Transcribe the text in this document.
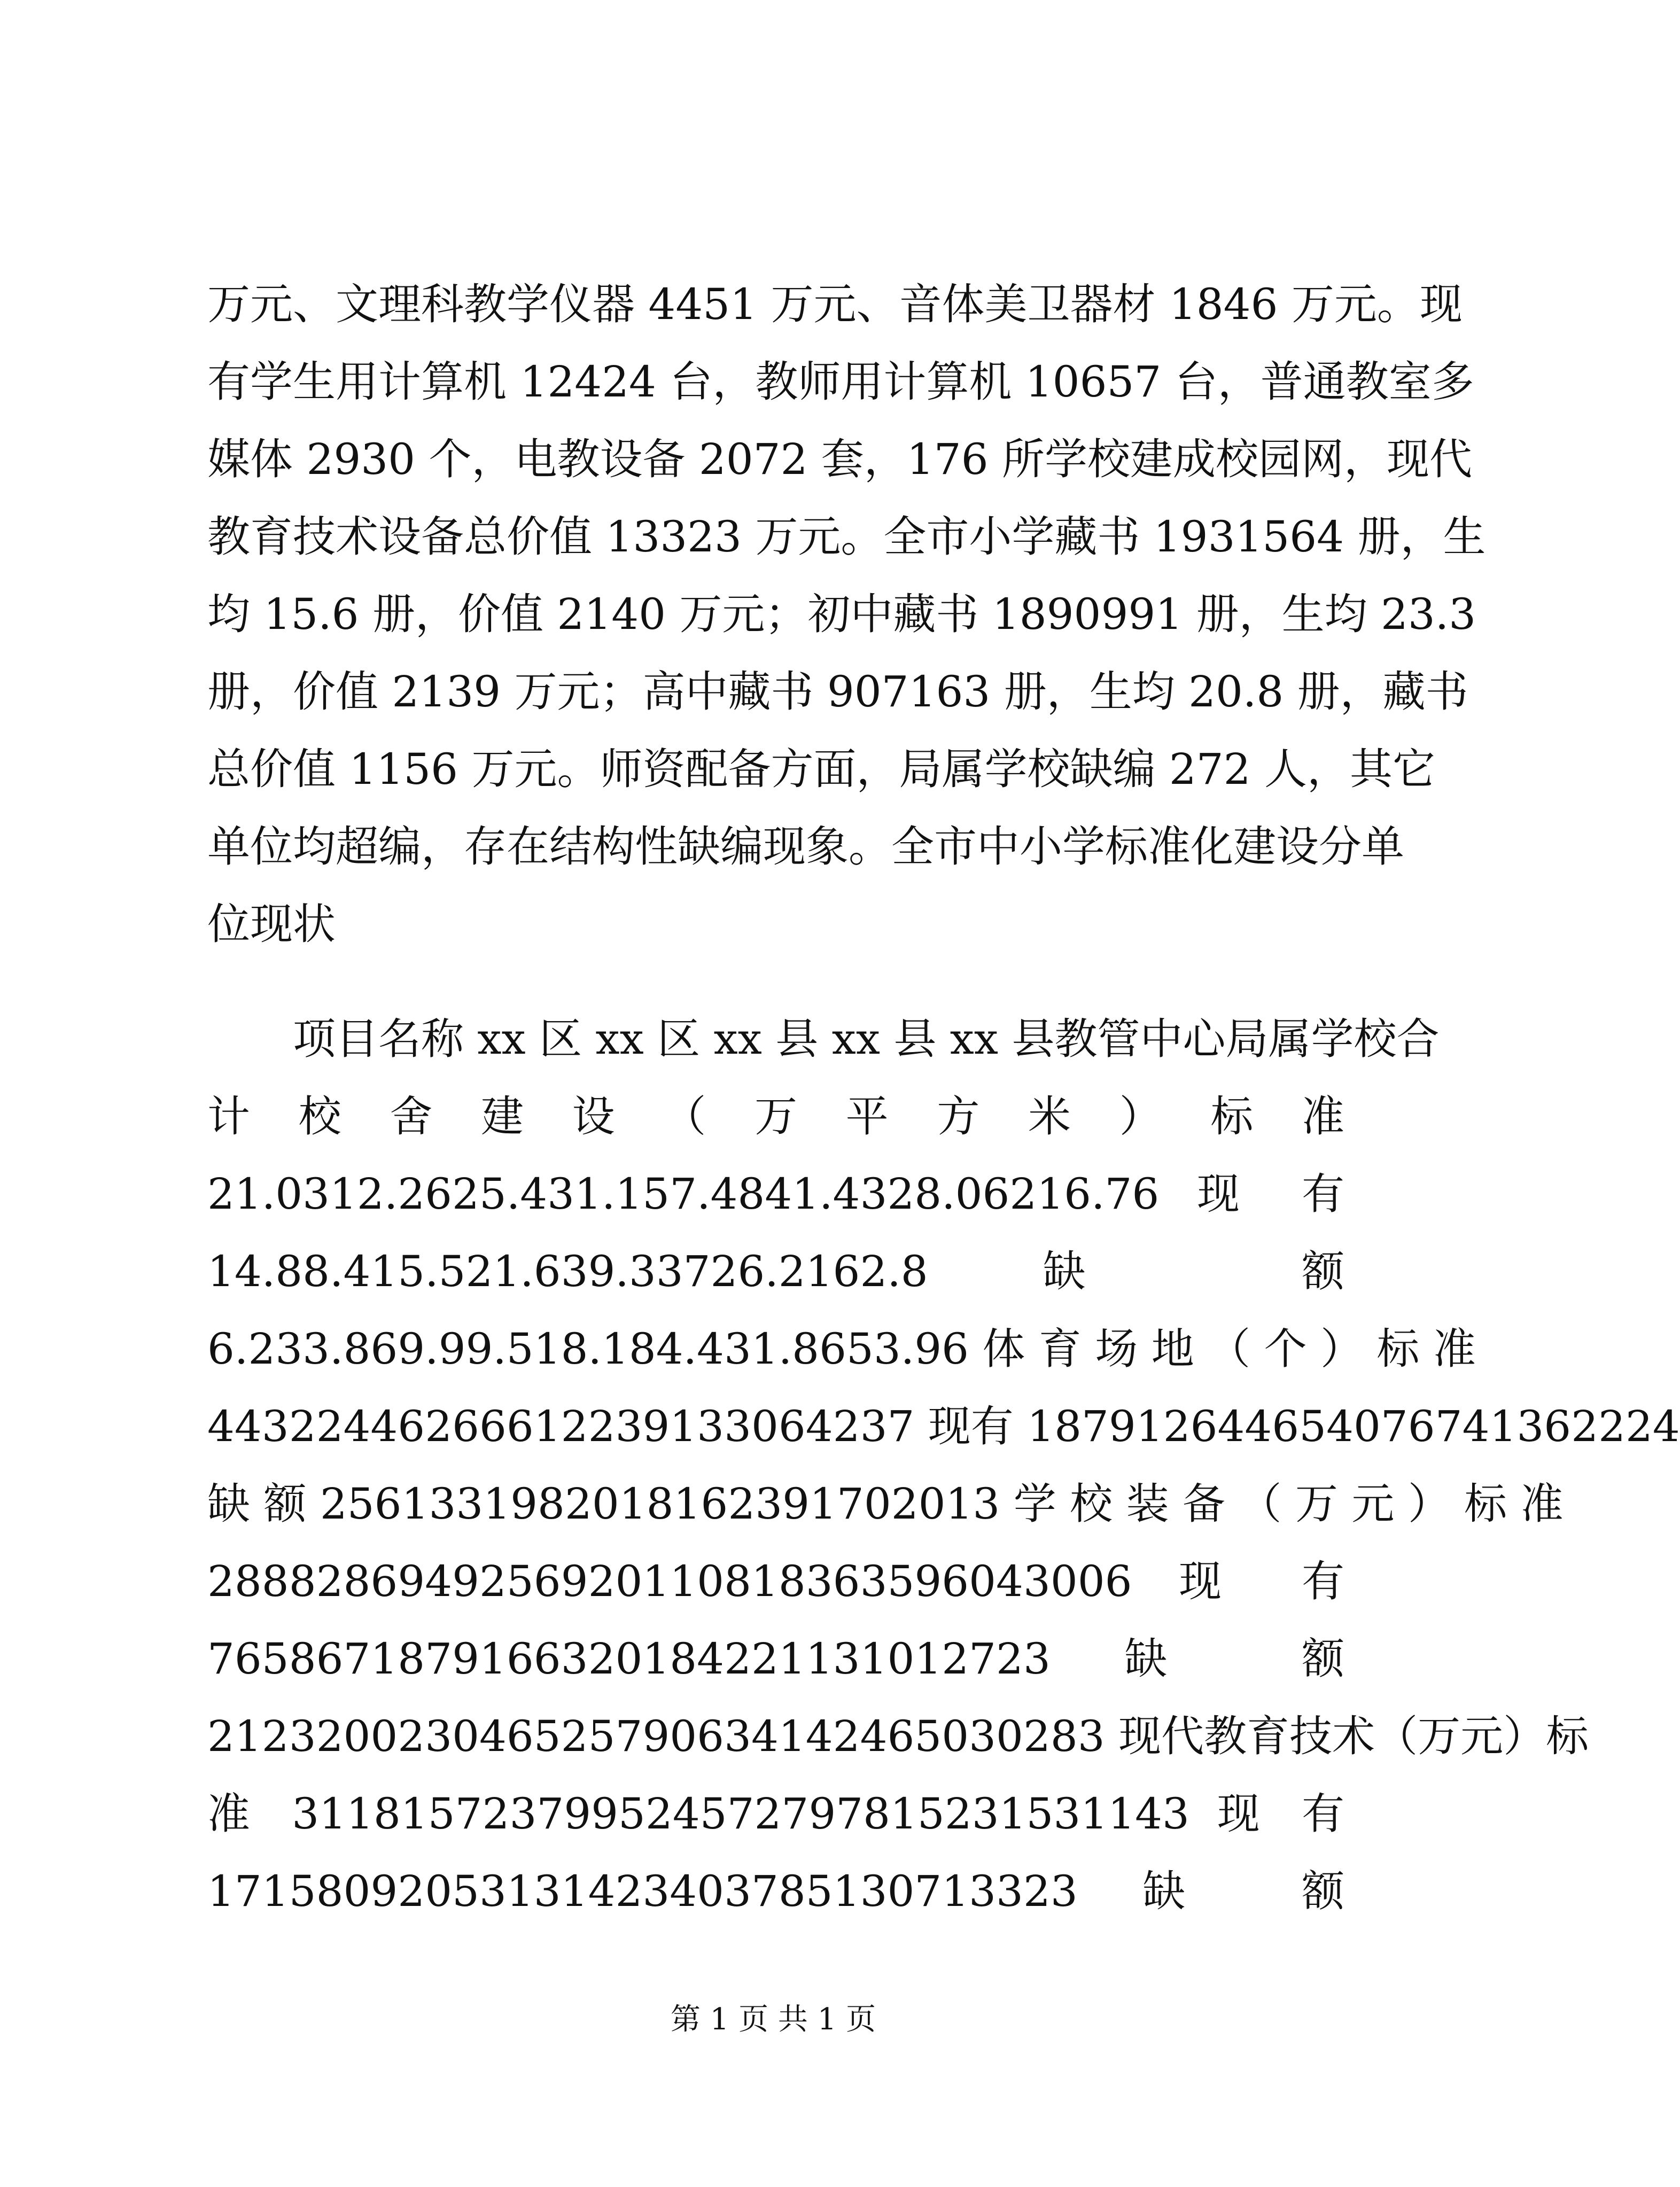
万元、文理科教学仪器 4451 万元、音体美卫器材 1846 万元。现
有学生用计算机 12424 台，教师用计算机 10657 台，普通教室多
媒体 2930 个，电教设备 2072 套，176 所学校建成校园网，现代
教育技术设备总价值 13323 万元。全市小学藏书 1931564 册，生
均 15.6 册，价值 2140 万元；初中藏书 1890991 册，生均 23.3
册，价值 2139 万元；高中藏书 907163 册，生均 20.8 册，藏书
总价值 1156 万元。师资配备方面，局属学校缺编 272 人，其它
单位均超编，存在结构性缺编现象。全市中小学标准化建设分单
位现状
　　项目名称 xx 区 xx 区 xx 县 xx 县 xx 县教管中心局属学校合
计 校 舍 建 设 （ 万 平 方 米 ） 标 准
21.0312.2625.431.157.4841.4328.06216.76 现 有
14.88.415.521.639.33726.2162.8 缺 额
6.233.869.99.518.184.431.8653.96 体 育 场 地 （ 个 ） 标 准
44322446266612239133064237 现有 187912644654076741362224
缺 额 2561331982018162391702013 学 校 装 备 （ 万 元 ） 标 准
2888286949256920110818363596043006 现 有
7658671879166320184221131012723 缺 额
212320023046525790634142465030283 现代教育技术（万元）标
准 311815723799524572797815231531143 现 有
17158092053131423403785130713323 缺 额
第 1 页 共 1 页
